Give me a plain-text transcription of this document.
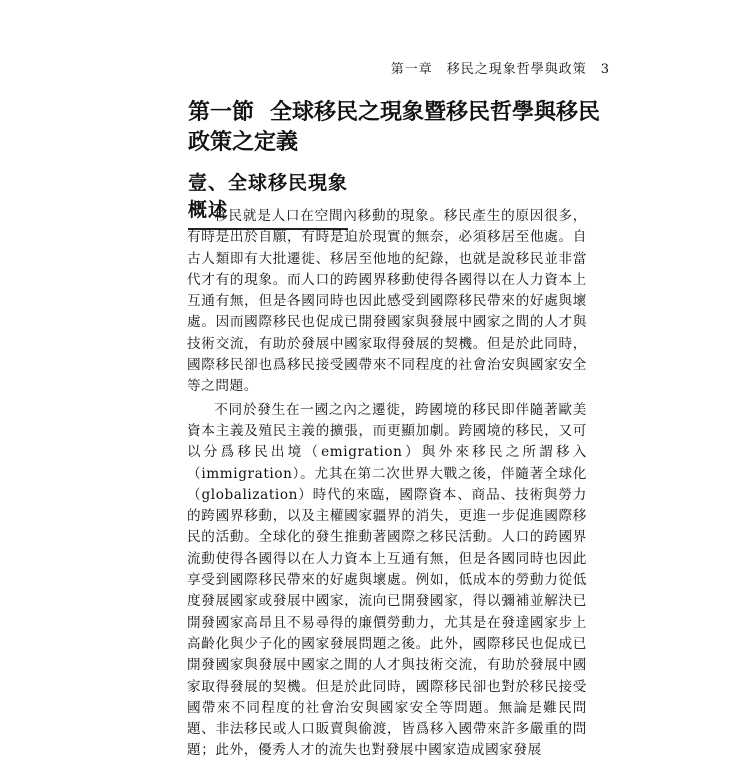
第一章　移民之現象哲學與政策 3
第一節 全球移民之現象暨移民哲學與移民政策之定義
壹、全球移民現象概述

移民就是人口在空間內移動的現象。移民產生的原因很多，有時是出於自願，有時是迫於現實的無奈，必須移居至他處。自古人類即有大批遷徙、移居至他地的紀錄，也就是說移民並非當代才有的現象。而人口的跨國界移動使得各國得以在人力資本上互通有無，但是各國同時也因此感受到國際移民帶來的好處與壞處。因而國際移民也促成已開發國家與發展中國家之間的人才與技術交流，有助於發展中國家取得發展的契機。但是於此同時，國際移民卻也爲移民接受國帶來不同程度的社會治安與國家安全等之問題。

不同於發生在一國之內之遷徙，跨國境的移民即伴隨著歐美資本主義及殖民主義的擴張，而更顯加劇。跨國境的移民，又可以分爲移民出境（emigration）與外來移民之所謂移入（immigration）。尤其在第二次世界大戰之後，伴隨著全球化（globalization）時代的來臨，國際資本、商品、技術與勞力的跨國界移動，以及主權國家疆界的消失，更進一步促進國際移民的活動。全球化的發生推動著國際之移民活動。人口的跨國界流動使得各國得以在人力資本上互通有無，但是各國同時也因此享受到國際移民帶來的好處與壞處。例如，低成本的勞動力從低度發展國家或發展中國家，流向已開發國家，得以彌補並解決已開發國家高昂且不易尋得的廉價勞動力，尤其是在發達國家步上高齡化與少子化的國家發展問題之後。此外，國際移民也促成已開發國家與發展中國家之間的人才與技術交流，有助於發展中國家取得發展的契機。但是於此同時，國際移民卻也對於移民接受國帶來不同程度的社會治安與國家安全等問題。無論是難民問題、非法移民或人口販賣與偷渡，皆爲移入國帶來許多嚴重的問題；此外，優秀人才的流失也對發展中國家造成國家發展
